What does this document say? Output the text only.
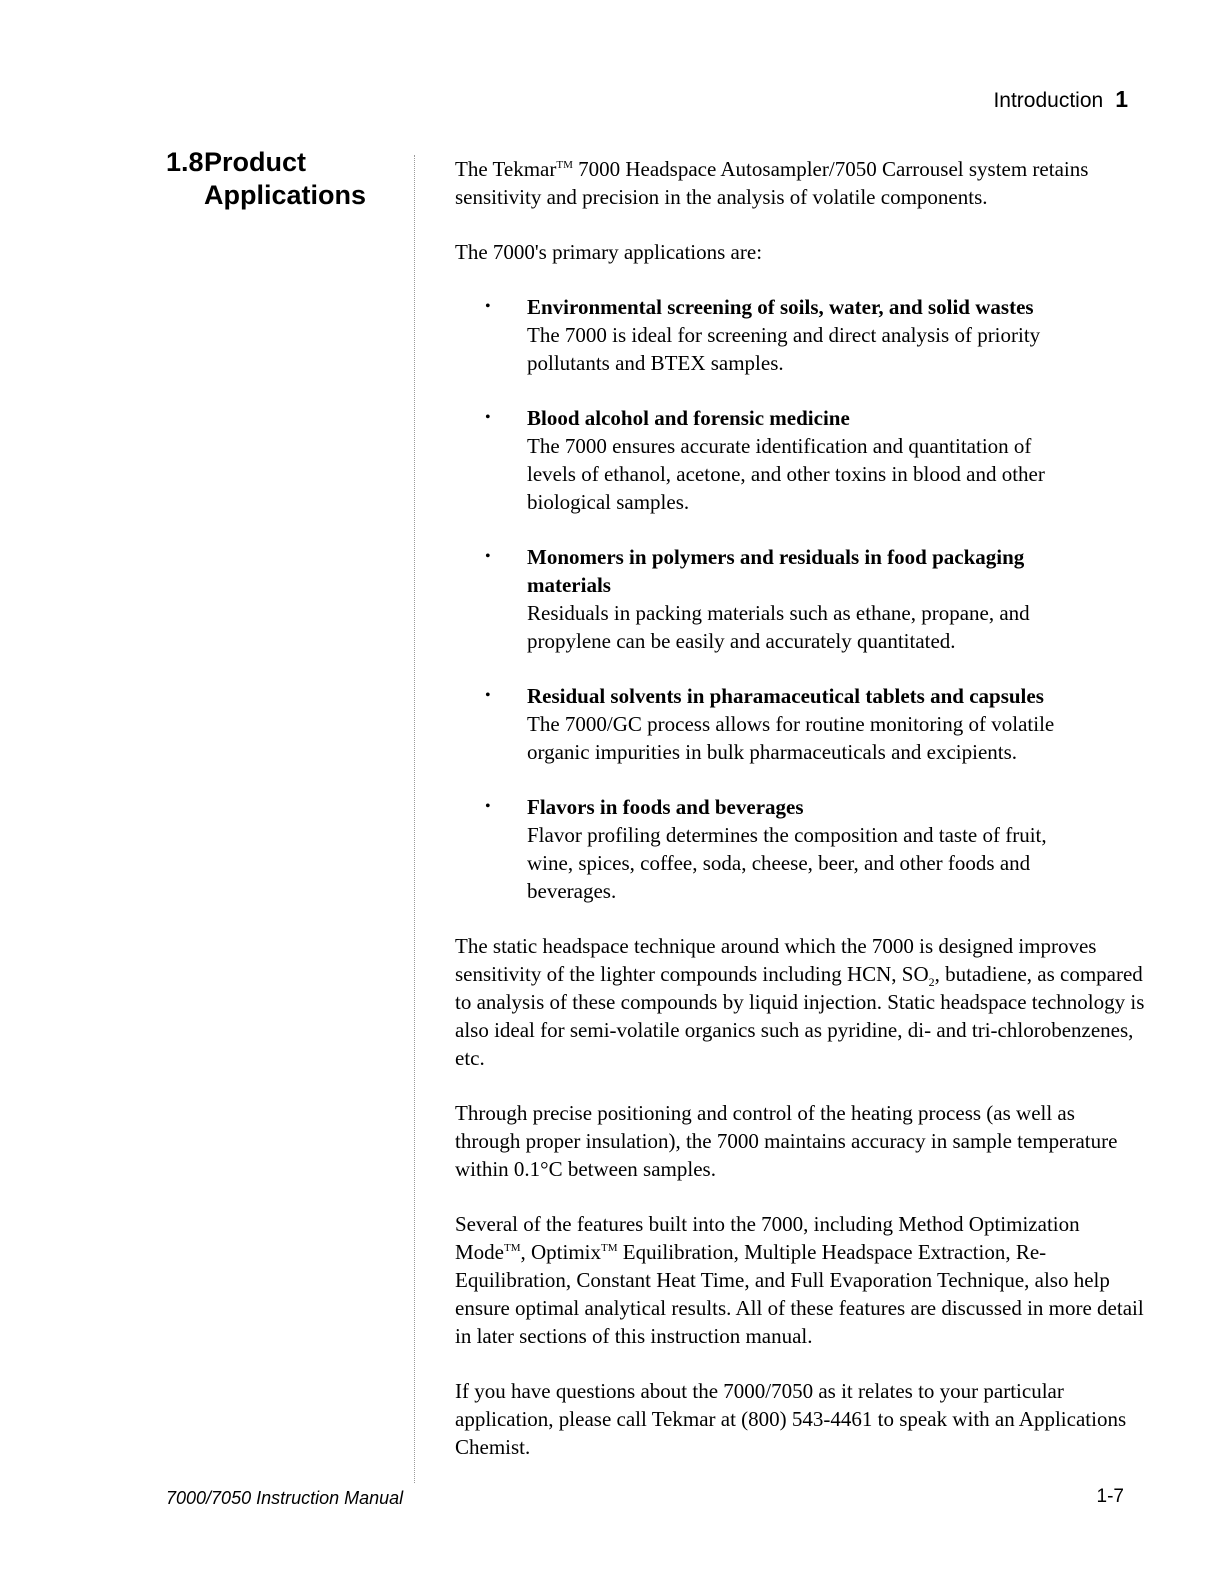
Introduction 1
1.8Product
Applications

The Tekmar™ 7000 Headspace Autosampler/7050 Carrousel system retains sensitivity and precision in the analysis of volatile components.

The 7000's primary applications are:

• Environmental screening of soils, water, and solid wastes
The 7000 is ideal for screening and direct analysis of priority pollutants and BTEX samples.
• Blood alcohol and forensic medicine
The 7000 ensures accurate identification and quantitation of levels of ethanol, acetone, and other toxins in blood and other biological samples.
• Monomers in polymers and residuals in food packaging materials
Residuals in packing materials such as ethane, propane, and propylene can be easily and accurately quantitated.
• Residual solvents in pharamaceutical tablets and capsules
The 7000/GC process allows for routine monitoring of volatile organic impurities in bulk pharmaceuticals and excipients.
• Flavors in foods and beverages
Flavor profiling determines the composition and taste of fruit, wine, spices, coffee, soda, cheese, beer, and other foods and beverages.

The static headspace technique around which the 7000 is designed improves sensitivity of the lighter compounds including HCN, $SO_2$, butadiene, as compared to analysis of these compounds by liquid injection. Static headspace technology is also ideal for semi-volatile organics such as pyridine, di- and tri-chlorobenzenes, etc.

Through precise positioning and control of the heating process (as well as through proper insulation), the 7000 maintains accuracy in sample temperature within 0.1°C between samples.

Several of the features built into the 7000, including Method Optimization Mode™, Optimix™ Equilibration, Multiple Headspace Extraction, Re-Equilibration, Constant Heat Time, and Full Evaporation Technique, also help ensure optimal analytical results. All of these features are discussed in more detail in later sections of this instruction manual.

If you have questions about the 7000/7050 as it relates to your particular application, please call Tekmar at (800) 543-4461 to speak with an Applications Chemist.

7000/7050 Instruction Manual	1-7
